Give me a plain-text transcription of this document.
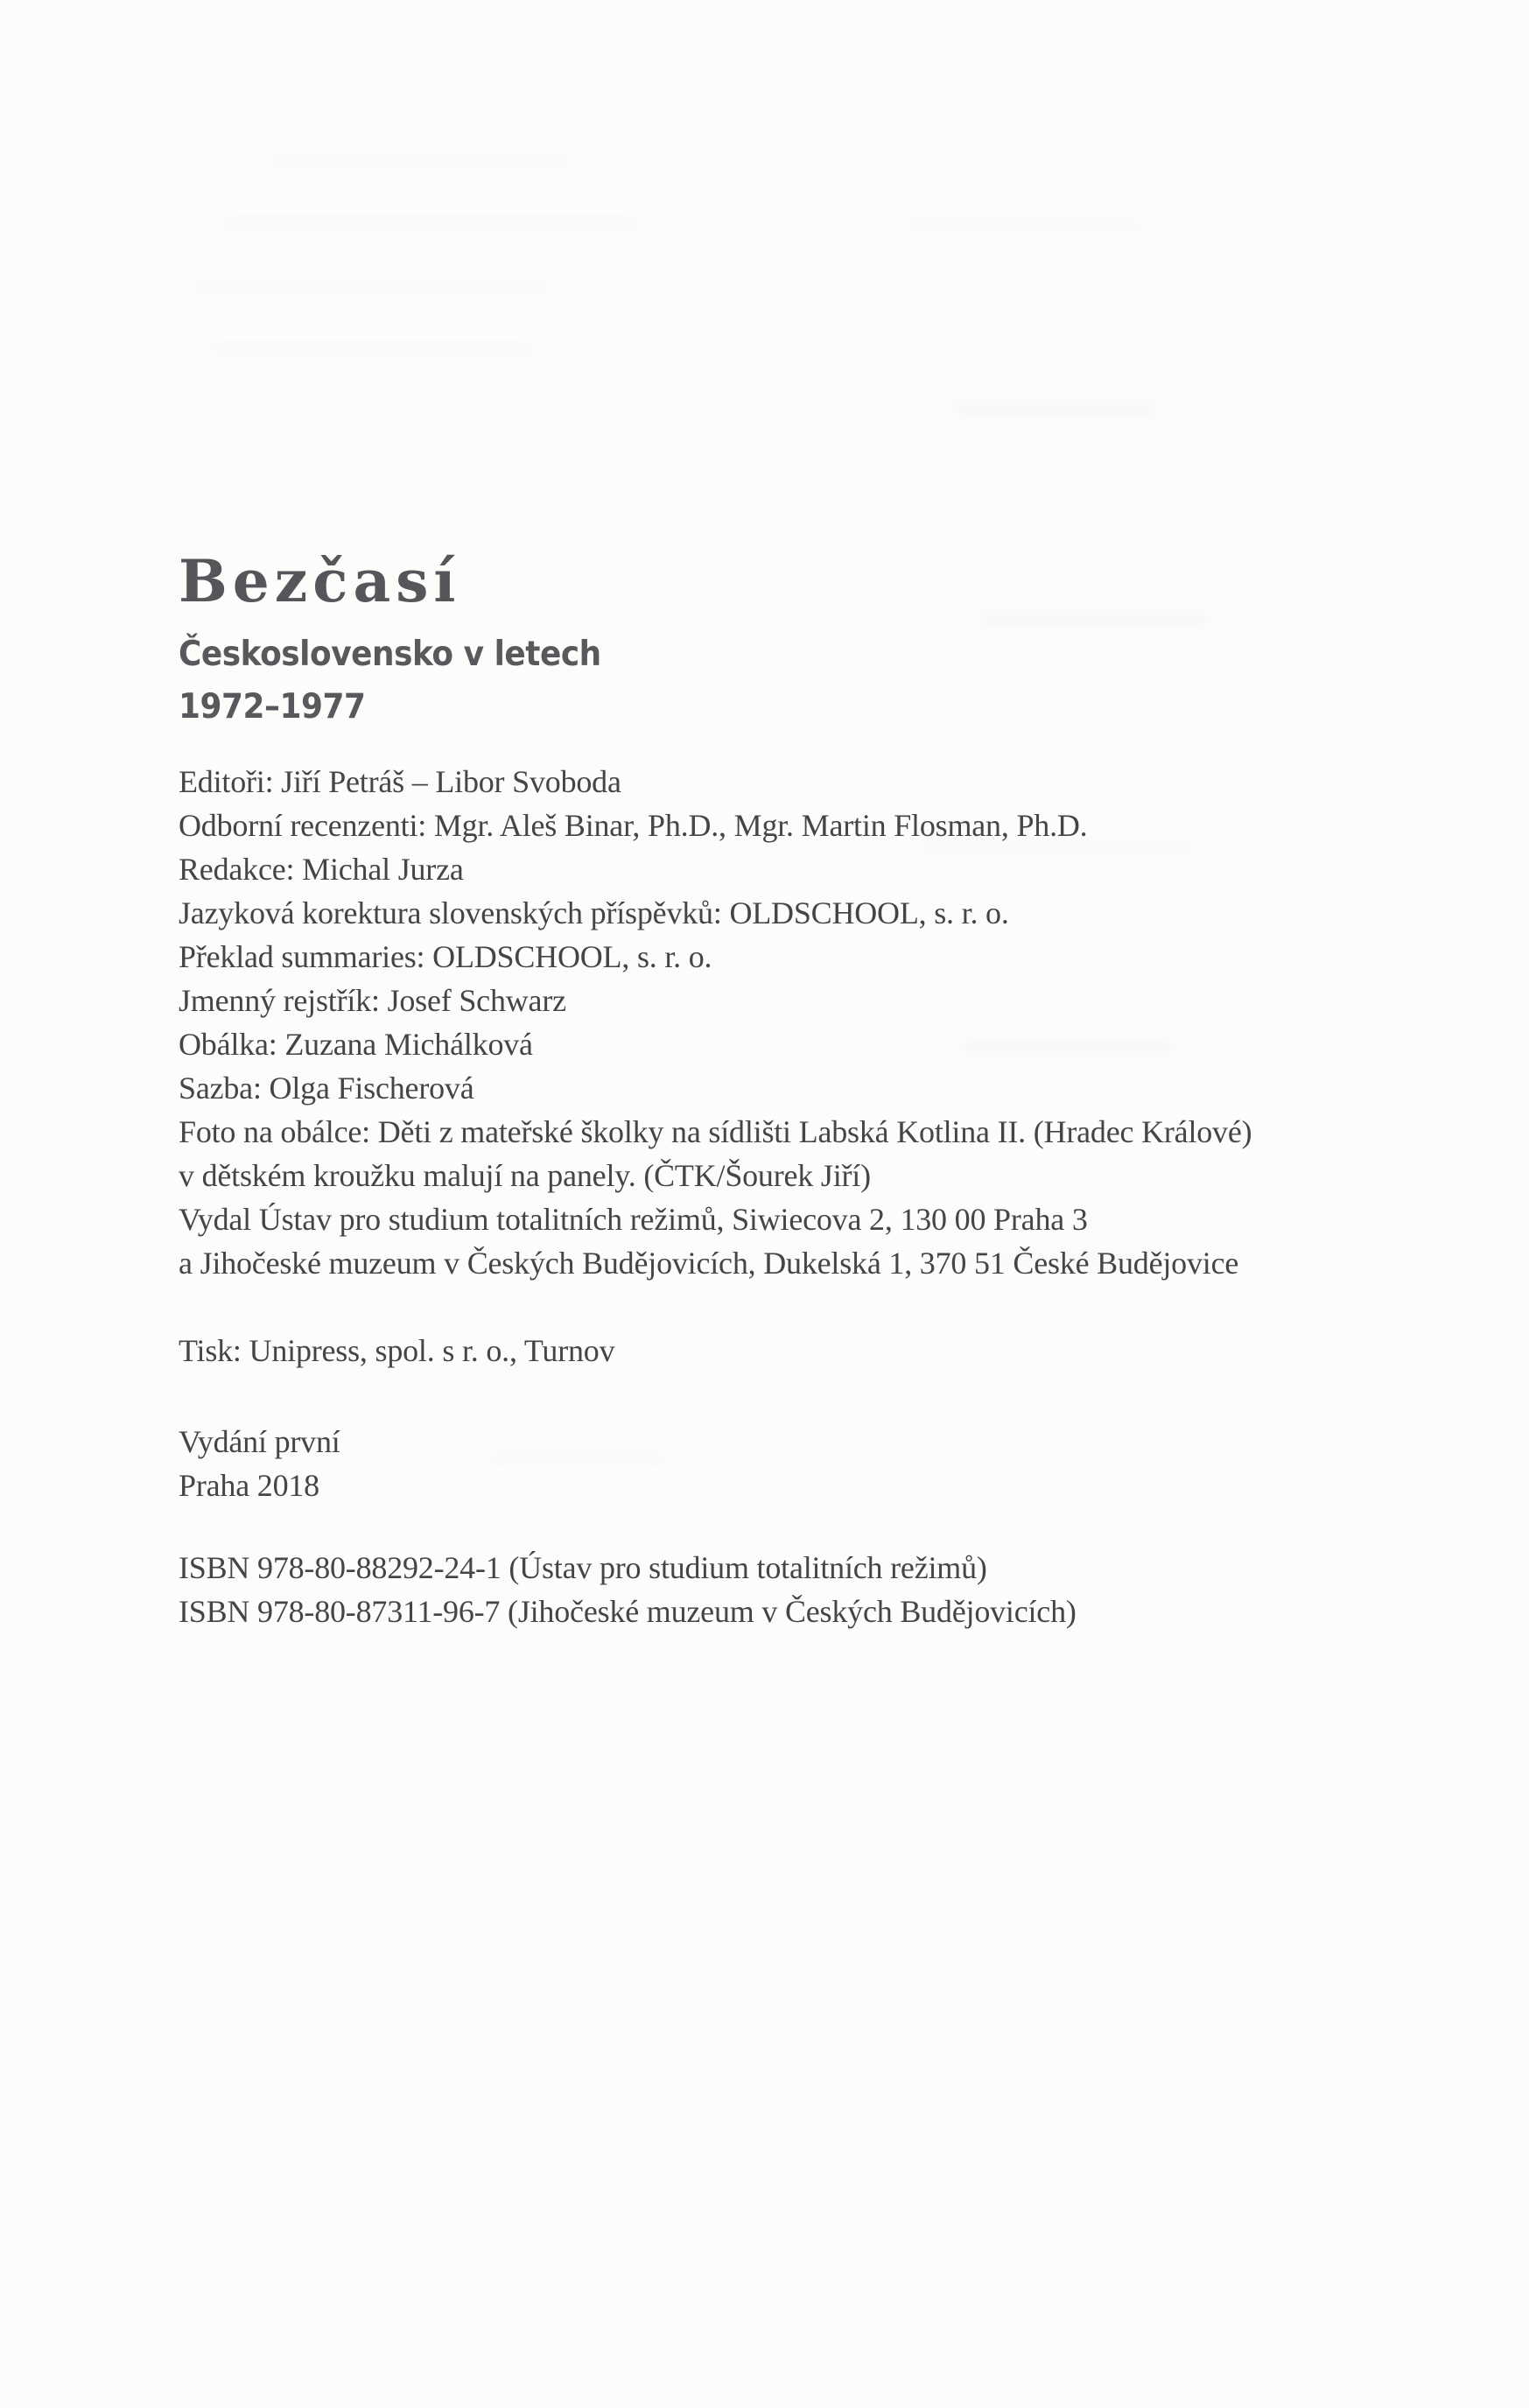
Bezčasí

Československo v letech

1972–1977

Editoři: Jiří Petráš – Libor Svoboda

Odborní recenzenti: Mgr. Aleš Binar, Ph.D., Mgr. Martin Flosman, Ph.D.

Redakce: Michal Jurza

Jazyková korektura slovenských příspěvků: OLDSCHOOL, s. r. o.

Překlad summaries: OLDSCHOOL, s. r. o.

Jmenný rejstřík: Josef Schwarz

Obálka: Zuzana Michálková

Sazba: Olga Fischerová

Foto na obálce: Děti z mateřské školky na sídlišti Labská Kotlina II. (Hradec Králové)

v dětském kroužku malují na panely. (ČTK/Šourek Jiří)

Vydal Ústav pro studium totalitních režimů, Siwiecova 2, 130 00 Praha 3

a Jihočeské muzeum v Českých Budějovicích, Dukelská 1, 370 51 České Budějovice

Tisk: Unipress, spol. s r. o., Turnov

Vydání první

Praha 2018

ISBN 978-80-88292-24-1 (Ústav pro studium totalitních režimů)

ISBN 978-80-87311-96-7 (Jihočeské muzeum v Českých Budějovicích)
